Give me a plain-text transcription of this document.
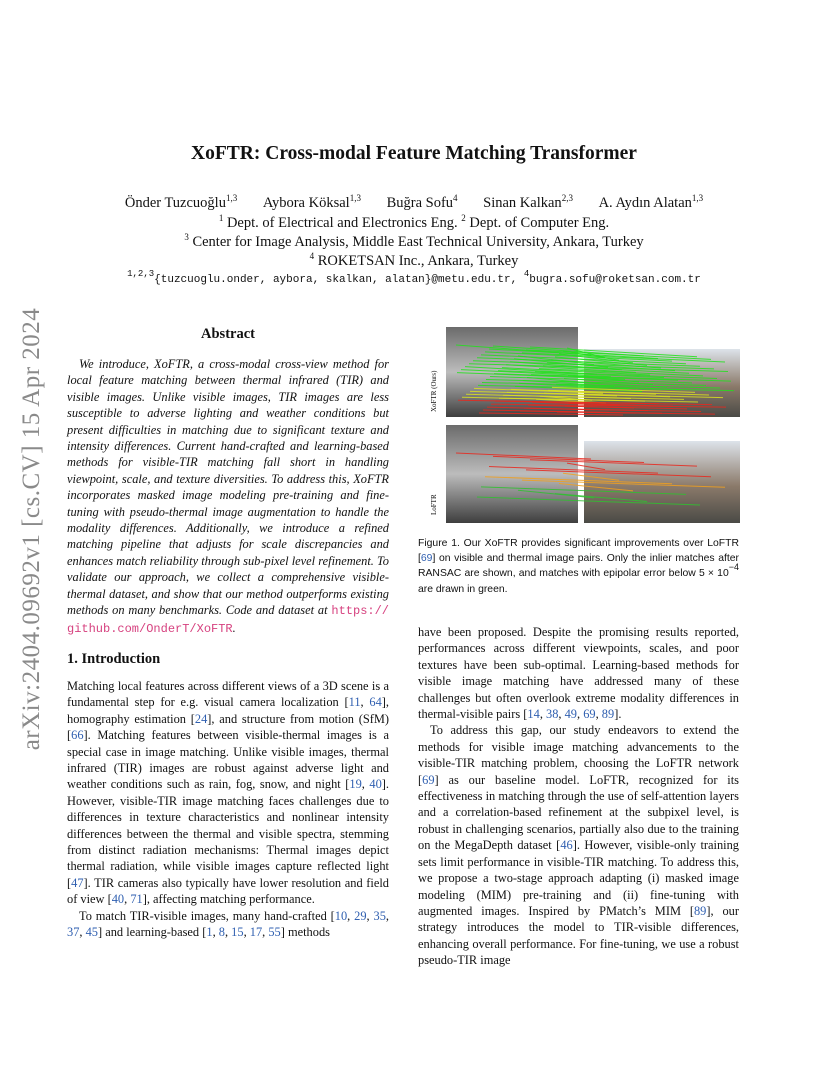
arXiv:2404.09692v1 [cs.CV] 15 Apr 2024
XoFTR: Cross-modal Feature Matching Transformer
Önder Tuzcuoğlu$^{1,3}$ Aybora Köksal$^{1,3}$ Buğra Sofu$^4$ Sinan Kalkan$^{2,3}$ A. Aydın Alatan$^{1,3}$
$^1$ Dept. of Electrical and Electronics Eng. $^2$ Dept. of Computer Eng.
$^3$ Center for Image Analysis, Middle East Technical University, Ankara, Turkey
$^4$ ROKETSAN Inc., Ankara, Turkey
$^{1,2,3}${tuzcuoglu.onder, aybora, skalkan, alatan}@metu.edu.tr, $^4$bugra.sofu@roketsan.com.tr
Abstract

We introduce, XoFTR, a cross-modal cross-view method for local feature matching between thermal infrared (TIR) and visible images. Unlike visible images, TIR images are less susceptible to adverse lighting and weather conditions but present difficulties in matching due to significant texture and intensity differences. Current hand-crafted and learning-based methods for visible-TIR matching fall short in handling viewpoint, scale, and texture diversities. To address this, XoFTR incorporates masked image modeling pre-training and fine-tuning with pseudo-thermal image augmentation to handle the modality differences. Additionally, we introduce a refined matching pipeline that adjusts for scale discrepancies and enhances match reliability through sub-pixel level refinement. To validate our approach, we collect a comprehensive visible-thermal dataset, and show that our method outperforms existing methods on many benchmarks. Code and dataset at https:// github.com/OnderT/XoFTR.

1. Introduction

Matching local features across different views of a 3D scene is a fundamental step for e.g. visual camera localization [11, 64], homography estimation [24], and structure from motion (SfM) [66]. Matching features between visible-thermal images is a special case in image matching. Unlike visible images, thermal infrared (TIR) images are robust against adverse light and weather conditions such as rain, fog, snow, and night [19, 40]. However, visible-TIR image matching faces challenges due to differences in texture characteristics and nonlinear intensity differences between the thermal and visible spectra, stemming from distinct radiation mechanisms: Thermal images depict thermal radiation, while visible images capture reflected light [47]. TIR cameras also typically have lower resolution and field of view [40, 71], affecting matching performance.

To match TIR-visible images, many hand-crafted [10, 29, 35, 37, 45] and learning-based [1, 8, 15, 17, 55] methods

XoFTR (Ours)
LoFTR
Figure 1. Our XoFTR provides significant improvements over LoFTR [69] on visible and thermal image pairs. Only the inlier matches after RANSAC are shown, and matches with epipolar error below $5 \times 10^{-4}$ are drawn in green.

have been proposed. Despite the promising results reported, performances across different viewpoints, scales, and poor textures have been sub-optimal. Learning-based methods for visible image matching have addressed many of these challenges but often overlook extreme modality differences in thermal-visible pairs [14, 38, 49, 69, 89].

To address this gap, our study endeavors to extend the methods for visible image matching advancements to the visible-TIR matching problem, choosing the LoFTR network [69] as our baseline model. LoFTR, recognized for its effectiveness in matching through the use of self-attention layers and a correlation-based refinement at the subpixel level, is robust in challenging scenarios, partially also due to the training on the MegaDepth dataset [46]. However, visible-only training sets limit performance in visible-TIR matching. To address this, we propose a two-stage approach adapting (i) masked image modeling (MIM) pre-training and (ii) fine-tuning with augmented images. Inspired by PMatch’s MIM [89], our strategy introduces the model to TIR-visible differences, enhancing overall performance. For fine-tuning, we use a robust pseudo-TIR image
